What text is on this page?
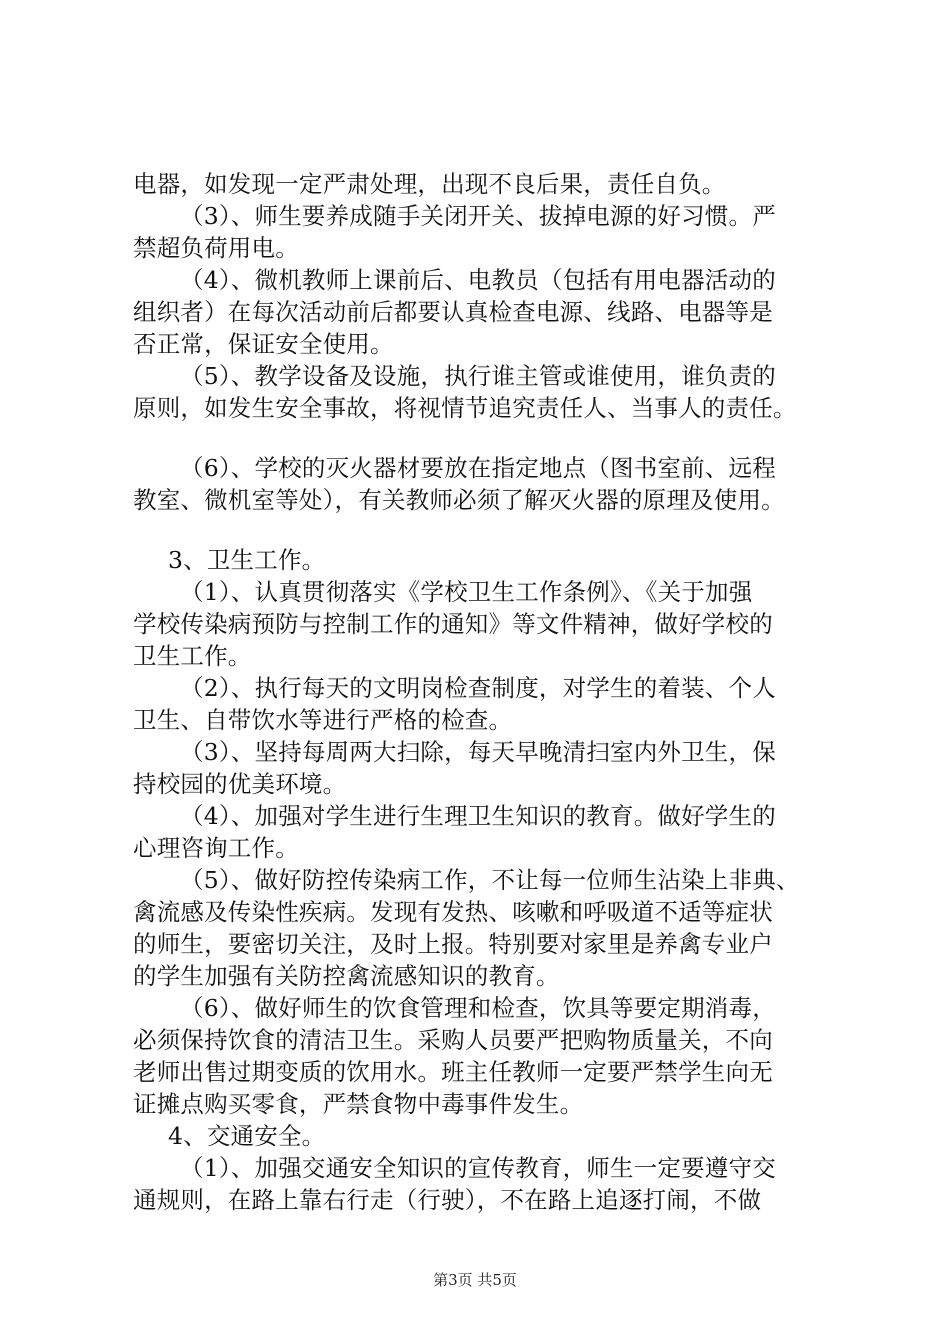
电器，如发现一定严肃处理，出现不良后果，责任自负。
（3）、师生要养成随手关闭开关、拔掉电源的好习惯。严
禁超负荷用电。
（4）、微机教师上课前后、电教员（包括有用电器活动的
组织者）在每次活动前后都要认真检查电源、线路、电器等是
否正常，保证安全使用。
（5）、教学设备及设施，执行谁主管或谁使用，谁负责的
原则，如发生安全事故，将视情节追究责任人、当事人的责任。
（6）、学校的灭火器材要放在指定地点（图书室前、远程
教室、微机室等处），有关教师必须了解灭火器的原理及使用。
3、卫生工作。
（1）、认真贯彻落实《学校卫生工作条例》、《关于加强
学校传染病预防与控制工作的通知》等文件精神，做好学校的
卫生工作。
（2）、执行每天的文明岗检查制度，对学生的着装、个人
卫生、自带饮水等进行严格的检查。
（3）、坚持每周两大扫除，每天早晚清扫室内外卫生，保
持校园的优美环境。
（4）、加强对学生进行生理卫生知识的教育。做好学生的
心理咨询工作。
（5）、做好防控传染病工作，不让每一位师生沾染上非典、
禽流感及传染性疾病。发现有发热、咳嗽和呼吸道不适等症状
的师生，要密切关注，及时上报。特别要对家里是养禽专业户
的学生加强有关防控禽流感知识的教育。
（6）、做好师生的饮食管理和检查，饮具等要定期消毒，
必须保持饮食的清洁卫生。采购人员要严把购物质量关，不向
老师出售过期变质的饮用水。班主任教师一定要严禁学生向无
证摊点购买零食，严禁食物中毒事件发生。
4、交通安全。
（1）、加强交通安全知识的宣传教育，师生一定要遵守交
通规则，在路上靠右行走（行驶），不在路上追逐打闹，不做
第3页 共5页
